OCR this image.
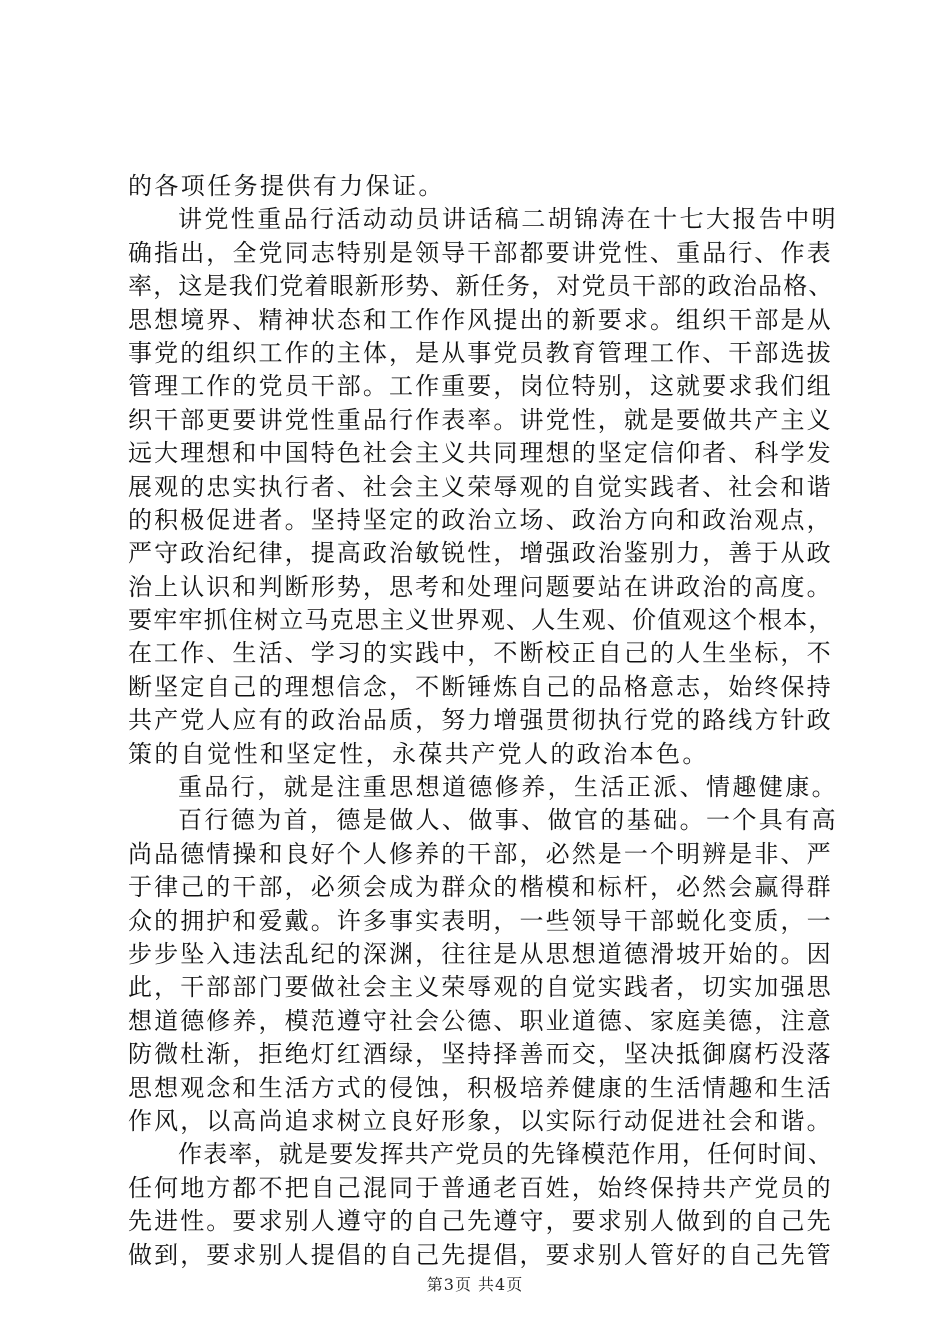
的各项任务提供有力保证。
讲党性重品行活动动员讲话稿二胡锦涛在十七大报告中明
确指出，全党同志特别是领导干部都要讲党性、重品行、作表
率，这是我们党着眼新形势、新任务，对党员干部的政治品格、
思想境界、精神状态和工作作风提出的新要求。组织干部是从
事党的组织工作的主体，是从事党员教育管理工作、干部选拔
管理工作的党员干部。工作重要，岗位特别，这就要求我们组
织干部更要讲党性重品行作表率。讲党性，就是要做共产主义
远大理想和中国特色社会主义共同理想的坚定信仰者、科学发
展观的忠实执行者、社会主义荣辱观的自觉实践者、社会和谐
的积极促进者。坚持坚定的政治立场、政治方向和政治观点，
严守政治纪律，提高政治敏锐性，增强政治鉴别力，善于从政
治上认识和判断形势，思考和处理问题要站在讲政治的高度。
要牢牢抓住树立马克思主义世界观、人生观、价值观这个根本，
在工作、生活、学习的实践中，不断校正自己的人生坐标，不
断坚定自己的理想信念，不断锤炼自己的品格意志，始终保持
共产党人应有的政治品质，努力增强贯彻执行党的路线方针政
策的自觉性和坚定性，永葆共产党人的政治本色。
重品行，就是注重思想道德修养，生活正派、情趣健康。
百行德为首，德是做人、做事、做官的基础。一个具有高
尚品德情操和良好个人修养的干部，必然是一个明辨是非、严
于律己的干部，必须会成为群众的楷模和标杆，必然会赢得群
众的拥护和爱戴。许多事实表明，一些领导干部蜕化变质，一
步步坠入违法乱纪的深渊，往往是从思想道德滑坡开始的。因
此，干部部门要做社会主义荣辱观的自觉实践者，切实加强思
想道德修养，模范遵守社会公德、职业道德、家庭美德，注意
防微杜渐，拒绝灯红酒绿，坚持择善而交，坚决抵御腐朽没落
思想观念和生活方式的侵蚀，积极培养健康的生活情趣和生活
作风，以高尚追求树立良好形象，以实际行动促进社会和谐。
作表率，就是要发挥共产党员的先锋模范作用，任何时间、
任何地方都不把自己混同于普通老百姓，始终保持共产党员的
先进性。要求别人遵守的自己先遵守，要求别人做到的自己先
做到，要求别人提倡的自己先提倡，要求别人管好的自己先管
第3页 共4页
